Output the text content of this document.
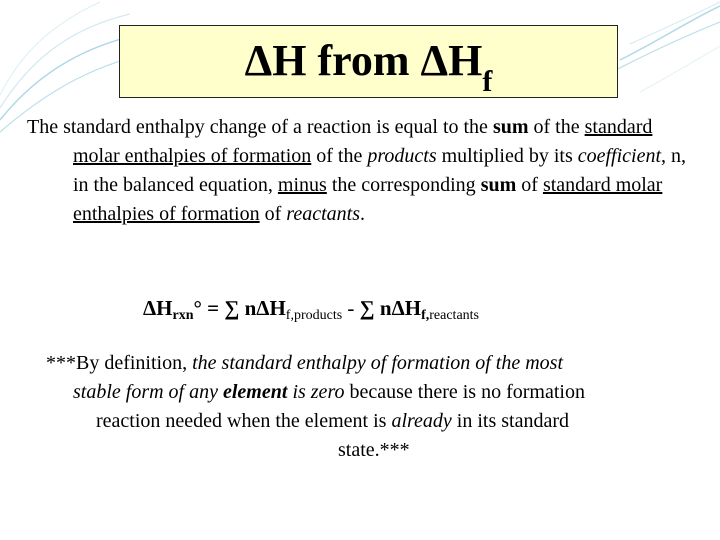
ΔH from $\Delta H_f$

The standard enthalpy change of a reaction is equal to the sum of the standard molar enthalpies of formation of the products multiplied by its coefficient, n, in the balanced equation, minus the corresponding sum of standard molar enthalpies of formation of reactants.

$\Delta H_{rxn}^\circ$ = ∑ nΔH$_{f,products}$ - ∑ nΔH$_{f,reactants}$

***By definition, the standard enthalpy of formation of the most
stable form of any element is zero because there is no formation
reaction needed when the element is already in its standard
state.***
